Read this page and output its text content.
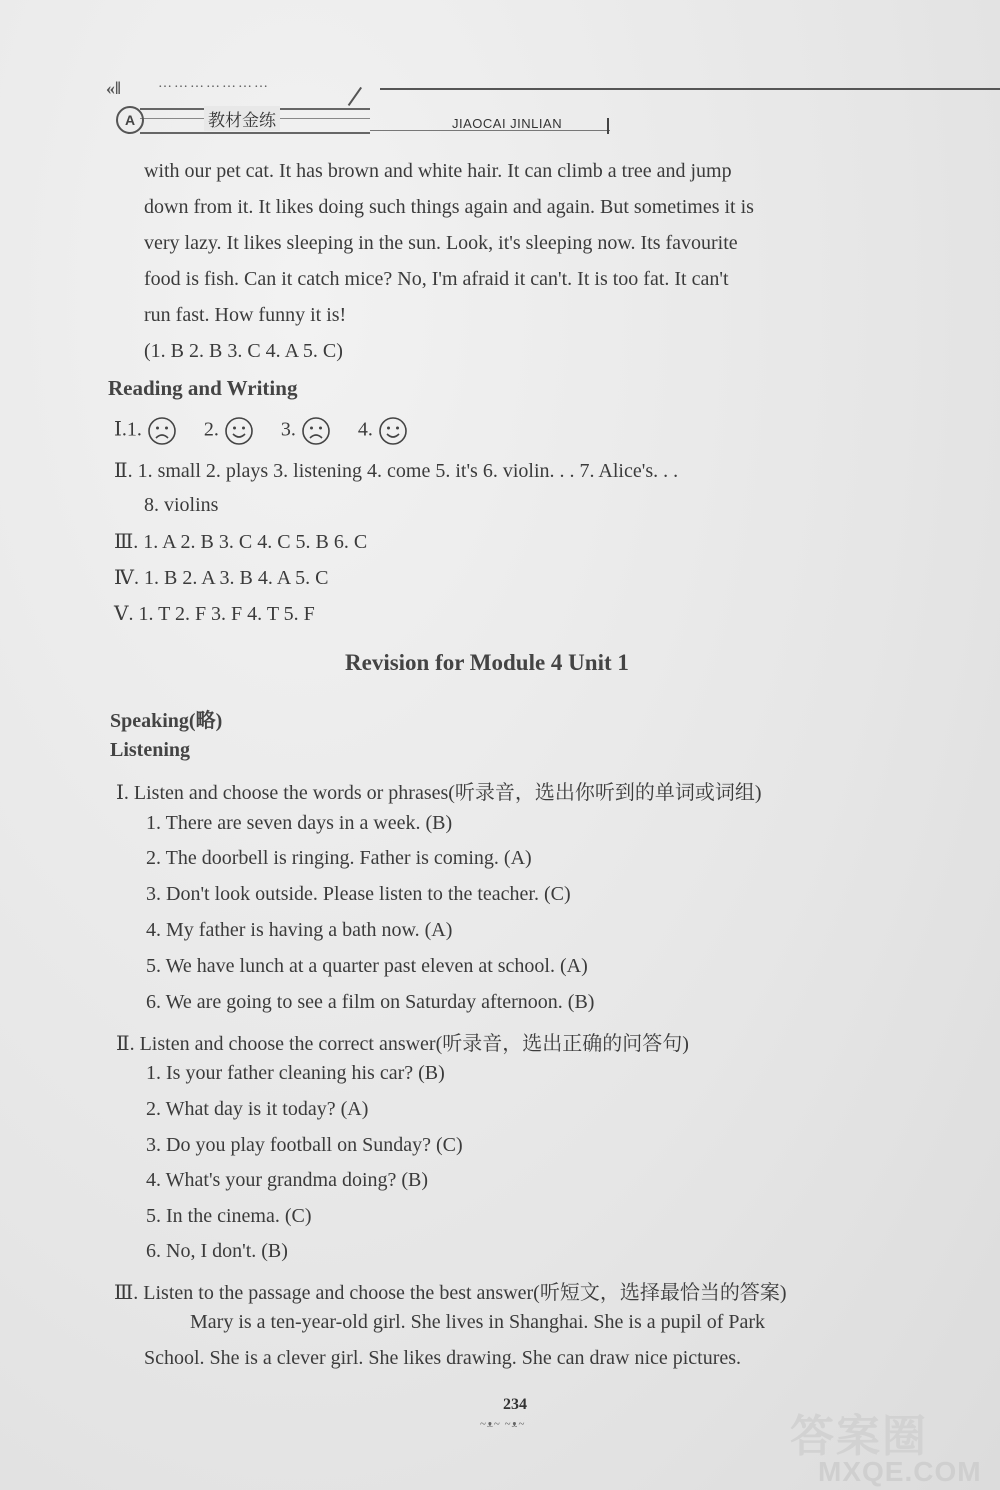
«‖	…………………
A	教材金练	JIAOCAI JINLIAN
with our pet cat. It has brown and white hair. It can climb a tree and jump
down from it. It likes doing such things again and again. But sometimes it is
very lazy. It likes sleeping in the sun. Look, it's sleeping now. Its favourite
food is fish. Can it catch mice? No, I'm afraid it can't. It is too fat. It can't
run fast. How funny it is!
(1. B 2. B 3. C 4. A 5. C)
Reading and Writing
Ⅰ.1.	2.	3.	4.
Ⅱ. 1. small 2. plays 3. listening 4. come 5. it's 6. violin. . . 7. Alice's. . .
8. violins
Ⅲ. 1. A 2. B 3. C 4. C 5. B 6. C
Ⅳ. 1. B 2. A 3. B 4. A 5. C
Ⅴ. 1. T 2. F 3. F 4. T 5. F
Revision for Module 4 Unit 1
Speaking(略)
Listening
Ⅰ. Listen and choose the words or phrases(听录音，选出你听到的单词或词组)
1. There are seven days in a week. (B)
2. The doorbell is ringing. Father is coming. (A)
3. Don't look outside. Please listen to the teacher. (C)
4. My father is having a bath now. (A)
5. We have lunch at a quarter past eleven at school. (A)
6. We are going to see a film on Saturday afternoon. (B)
Ⅱ. Listen and choose the correct answer(听录音，选出正确的问答句)
1. Is your father cleaning his car? (B)
2. What day is it today? (A)
3. Do you play football on Sunday? (C)
4. What's your grandma doing? (B)
5. In the cinema. (C)
6. No, I don't. (B)
Ⅲ. Listen to the passage and choose the best answer(听短文，选择最恰当的答案)
Mary is a ten-year-old girl. She lives in Shanghai. She is a pupil of Park
School. She is a clever girl. She likes drawing. She can draw nice pictures.
234
~ᴥ~ ~ᴥ~	答案圈
MXQE.COM
